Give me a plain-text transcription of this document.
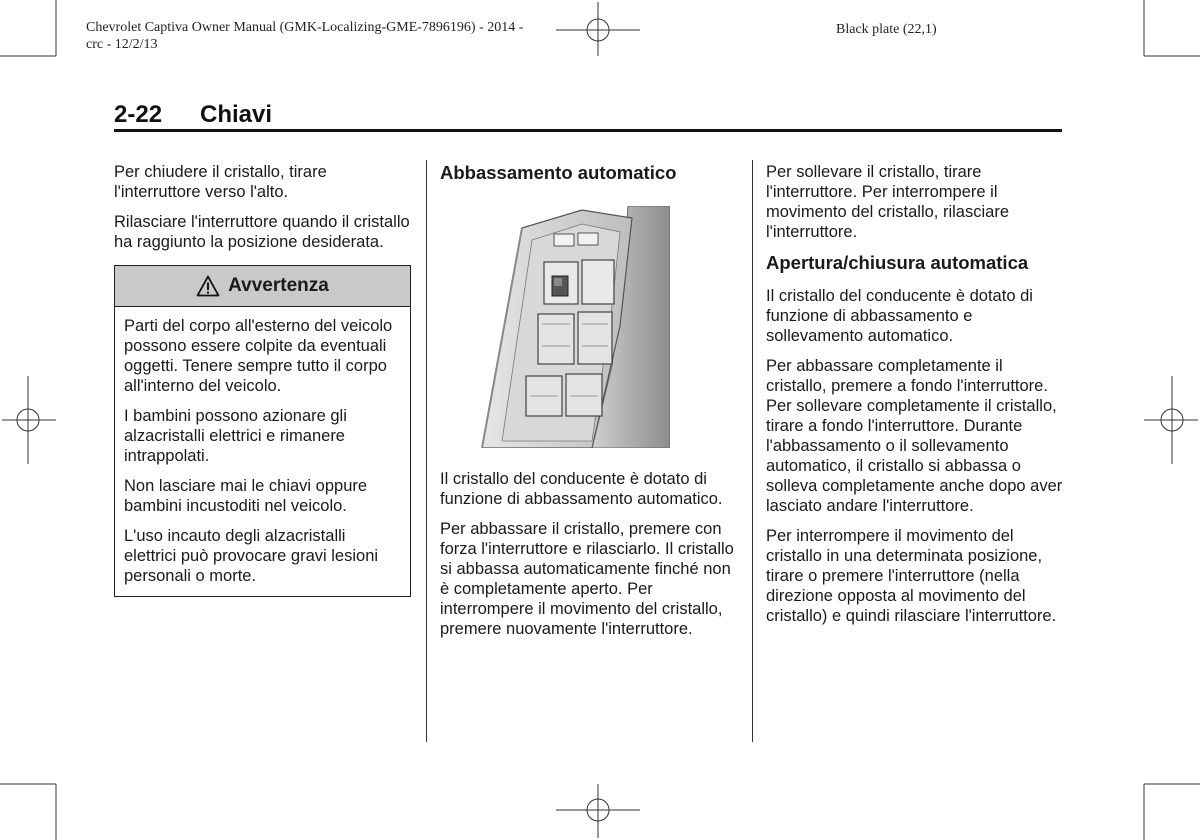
Chevrolet Captiva Owner Manual (GMK-Localizing-GME-7896196) - 2014 -
crc - 12/2/13
Black plate (22,1)
2-22 Chiavi

Per chiudere il cristallo, tirare l'interruttore verso l'alto.

Rilasciare l'interruttore quando il cristallo ha raggiunto la posizione desiderata.

Avvertenza

Parti del corpo all'esterno del veicolo possono essere colpite da eventuali oggetti. Tenere sempre tutto il corpo all'interno del veicolo.

I bambini possono azionare gli alzacristalli elettrici e rimanere intrappolati.

Non lasciare mai le chiavi oppure bambini incustoditi nel veicolo.

L'uso incauto degli alzacristalli elettrici può provocare gravi lesioni personali o morte.

Abbassamento automatico

Il cristallo del conducente è dotato di funzione di abbassamento automatico.

Per abbassare il cristallo, premere con forza l'interruttore e rilasciarlo. Il cristallo si abbassa automaticamente finché non è completamente aperto. Per interrompere il movimento del cristallo, premere nuovamente l'interruttore.

Per sollevare il cristallo, tirare l'interruttore. Per interrompere il movimento del cristallo, rilasciare l'interruttore.

Apertura/chiusura automatica

Il cristallo del conducente è dotato di funzione di abbassamento e sollevamento automatico.

Per abbassare completamente il cristallo, premere a fondo l'interruttore. Per sollevare completamente il cristallo, tirare a fondo l'interruttore. Durante l'abbassamento o il sollevamento automatico, il cristallo si abbassa o solleva completamente anche dopo aver lasciato andare l'interruttore.

Per interrompere il movimento del cristallo in una determinata posizione, tirare o premere l'interruttore (nella direzione opposta al movimento del cristallo) e quindi rilasciare l'interruttore.
